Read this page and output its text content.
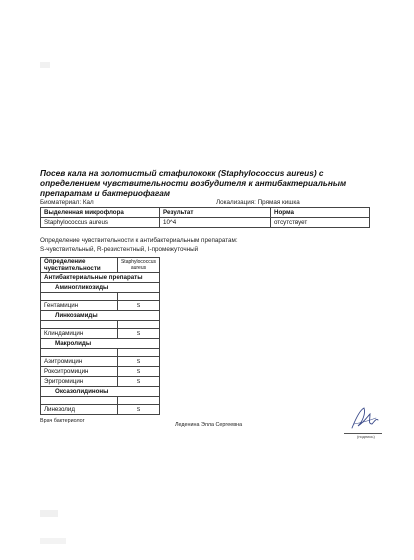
Посев кала на золотистый стафилококк (Staphylococcus aureus) с определением чувствительности возбудителя к антибактериальным препаратам и бактериофагам
Биоматериал: Кал	Локализация: Прямая кишка
Выделенная микрофлора	Результат	Норма
Staphylococcus aureus	10^4	отсутствует
Определение чувствительности к антибактериальным препаратам:
S-чувствительный, R-резистентный, I-промежуточный
Определение чувствительности	Staphylococcus aureus
Антибактериальные препараты	
Аминогликозиды	

Гентамицин	S
Линкозамиды	

Клиндамицин	S
Макролиды	

Азитромицин	S
Рокситромицин	S
Эритромицин	S
Оксазолидиноны	

Линезолид	S
Врач бактериолог
Леденина Элла Сергеевна
(подпись)
